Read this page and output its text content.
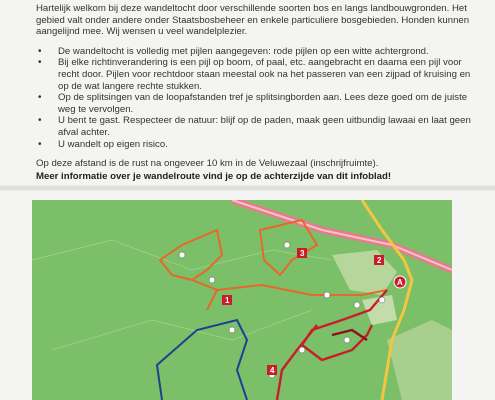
Hartelijk welkom bij deze wandeltocht door verschillende soorten bos en langs landbouwgronden. Het gebied valt onder andere onder Staatsbosbeheer en enkele particuliere bosgebieden. Honden kunnen aangelijnd mee. Wij wensen u veel wandelplezier.

• De wandeltocht is volledig met pijlen aangegeven: rode pijlen op een witte achtergrond.
• Bij elke richtinverandering is een pijl op boom, of paal, etc. aangebracht en daarna een pijl voor recht door. Pijlen voor rechtdoor staan meestal ook na het passeren van een zijpad of kruising en op de wat langere rechte stukken.
• Op de splitsingen van de loopafstanden tref je splitsingborden aan. Lees deze goed om de juiste weg te vervolgen.
• U bent te gast. Respecteer de natuur: blijf op de paden, maak geen uitbundig lawaai en laat geen afval achter.
• U wandelt op eigen risico.

Op deze afstand is de rust na ongeveer 10 km in de Veluwezaal (inschrijfruimte).

Meer informatie over je wandelroute vind je op de achterzijde van dit infoblad!

3
2
4
1
A
